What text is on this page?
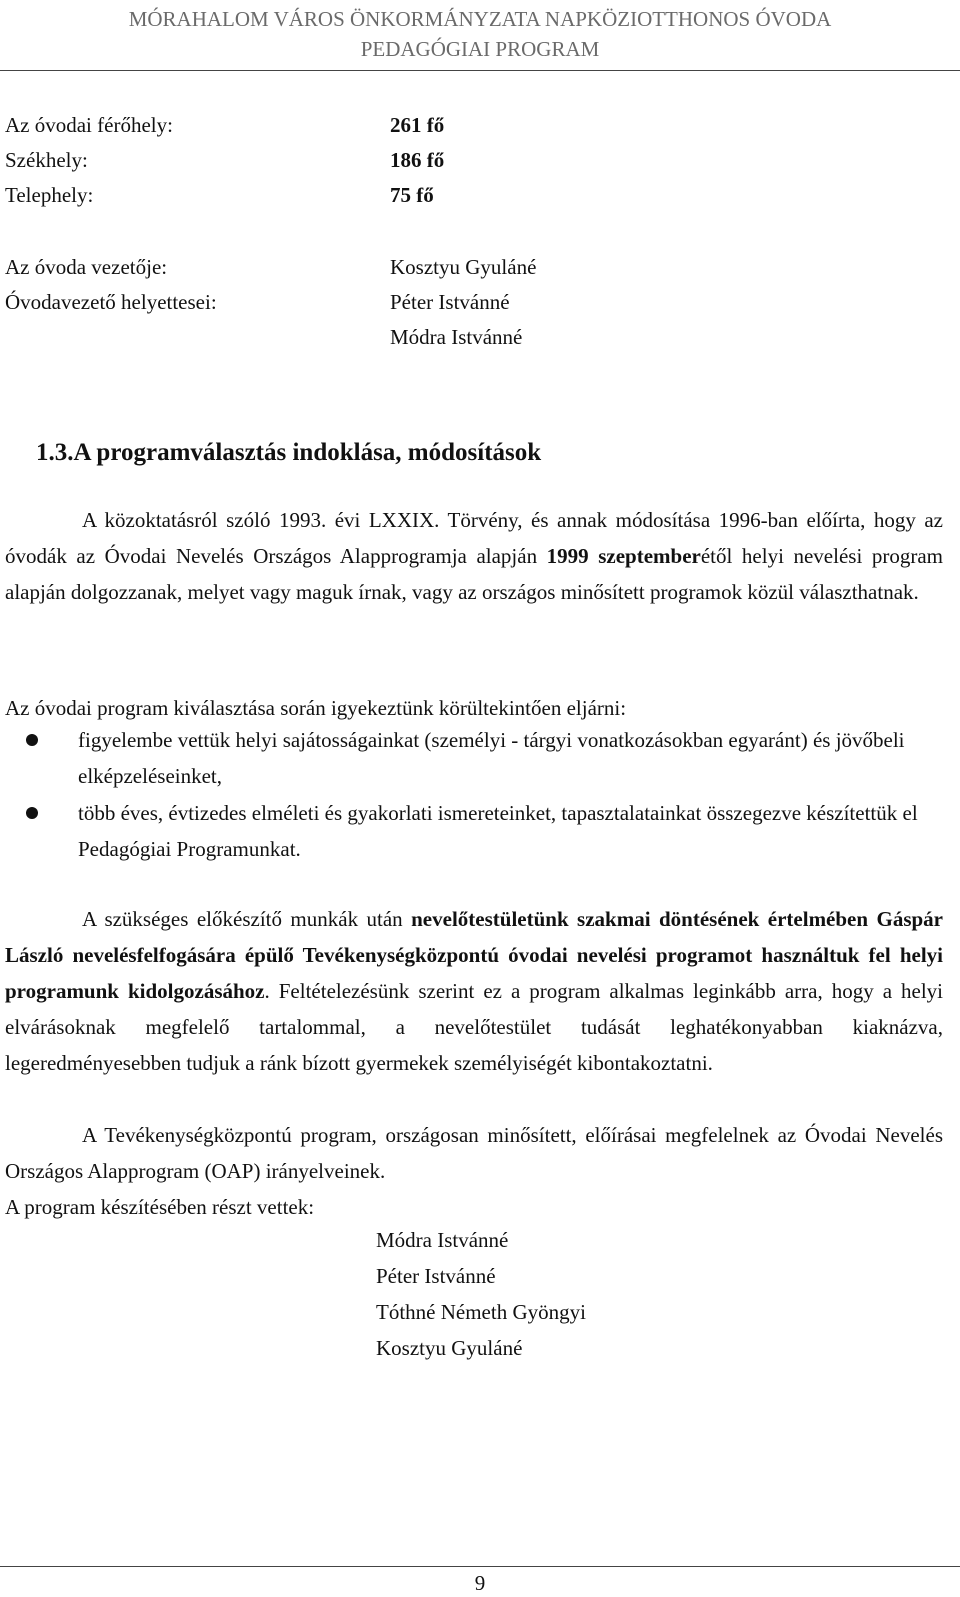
MÓRAHALOM VÁROS ÖNKORMÁNYZATA NAPKÖZIOTTHONOS ÓVODA
PEDAGÓGIAI PROGRAM
Az óvodai férőhely:	261 fő
Székhely:	186 fő
Telephely:	75 fő
Az óvoda vezetője:	Kosztyu Gyuláné
Óvodavezető helyettesei:	Péter Istvánné
Módra Istvánné
1.3.A programválasztás indoklása, módosítások

A közoktatásról szóló 1993. évi LXXIX. Törvény, és annak módosítása 1996-ban előírta, hogy az óvodák az Óvodai Nevelés Országos Alapprogramja alapján 1999 szeptemberétől helyi nevelési program alapján dolgozzanak, melyet vagy maguk írnak, vagy az országos minősített programok közül választhatnak.

Az óvodai program kiválasztása során igyekeztünk körültekintően eljárni:

figyelembe vettük helyi sajátosságainkat (személyi - tárgyi vonatkozásokban egyaránt) és jövőbeli elképzeléseinket,

több éves, évtizedes elméleti és gyakorlati ismereteinket, tapasztalatainkat összegezve készítettük el Pedagógiai Programunkat.

A szükséges előkészítő munkák után nevelőtestületünk szakmai döntésének értelmében Gáspár László nevelésfelfogására épülő Tevékenységközpontú óvodai nevelési programot használtuk fel helyi programunk kidolgozásához. Feltételezésünk szerint ez a program alkalmas leginkább arra, hogy a helyi elvárásoknak megfelelő tartalommal, a nevelőtestület tudását leghatékonyabban kiaknázva, legeredményesebben tudjuk a ránk bízott gyermekek személyiségét kibontakoztatni.

A Tevékenységközpontú program, országosan minősített, előírásai megfelelnek az Óvodai Nevelés Országos Alapprogram (OAP) irányelveinek.

A program készítésében részt vettek:
Módra Istvánné
Péter Istvánné
Tóthné Németh Gyöngyi
Kosztyu Gyuláné
9
